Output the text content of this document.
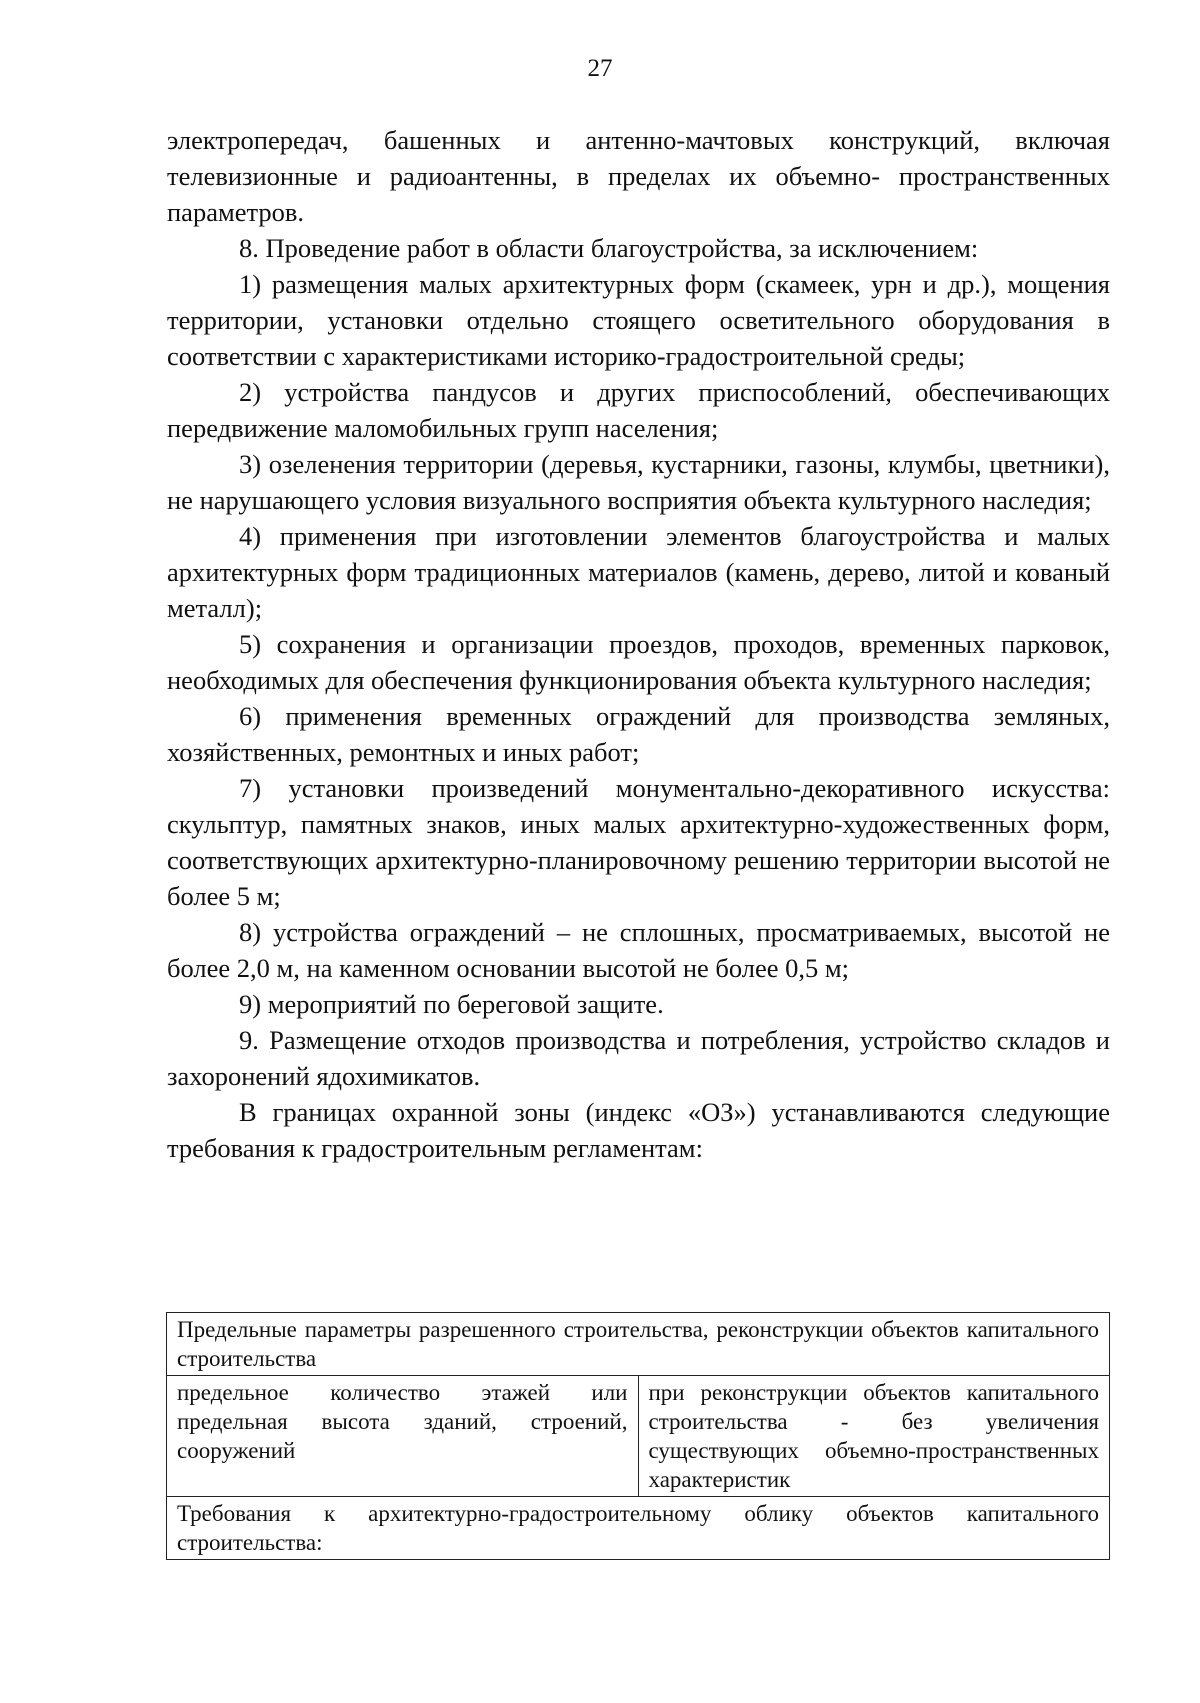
27

электропередач, башенных и антенно-мачтовых конструкций, включая телевизионные и радиоантенны, в пределах их объемно- пространственных параметров.

8. Проведение работ в области благоустройства, за исключением:

1) размещения малых архитектурных форм (скамеек, урн и др.), мощения территории, установки отдельно стоящего осветительного оборудования в соответствии с характеристиками историко-градостроительной среды;

2) устройства пандусов и других приспособлений, обеспечивающих передвижение маломобильных групп населения;

3) озеленения территории (деревья, кустарники, газоны, клумбы, цветники), не нарушающего условия визуального восприятия объекта культурного наследия;

4) применения при изготовлении элементов благоустройства и малых архитектурных форм традиционных материалов (камень, дерево, литой и кованый металл);

5) сохранения и организации проездов, проходов, временных парковок, необходимых для обеспечения функционирования объекта культурного наследия;

6) применения временных ограждений для производства земляных, хозяйственных, ремонтных и иных работ;

7) установки произведений монументально-декоративного искусства: скульптур, памятных знаков, иных малых архитектурно-художественных форм, соответствующих архитектурно-планировочному решению территории высотой не более 5 м;

8) устройства ограждений – не сплошных, просматриваемых, высотой не более 2,0 м, на каменном основании высотой не более 0,5 м;

9) мероприятий по береговой защите.

9. Размещение отходов производства и потребления, устройство складов и захоронений ядохимикатов.

В границах охранной зоны (индекс «ОЗ») устанавливаются следующие требования к градостроительным регламентам:

Предельные параметры разрешенного строительства, реконструкции объектов капитального строительства
предельное количество этажей или предельная высота зданий, строений, сооружений	при реконструкции объектов капитального строительства - без увеличения существующих объемно-пространственных характеристик
Требования к архитектурно-градостроительному облику объектов капитального строительства:
